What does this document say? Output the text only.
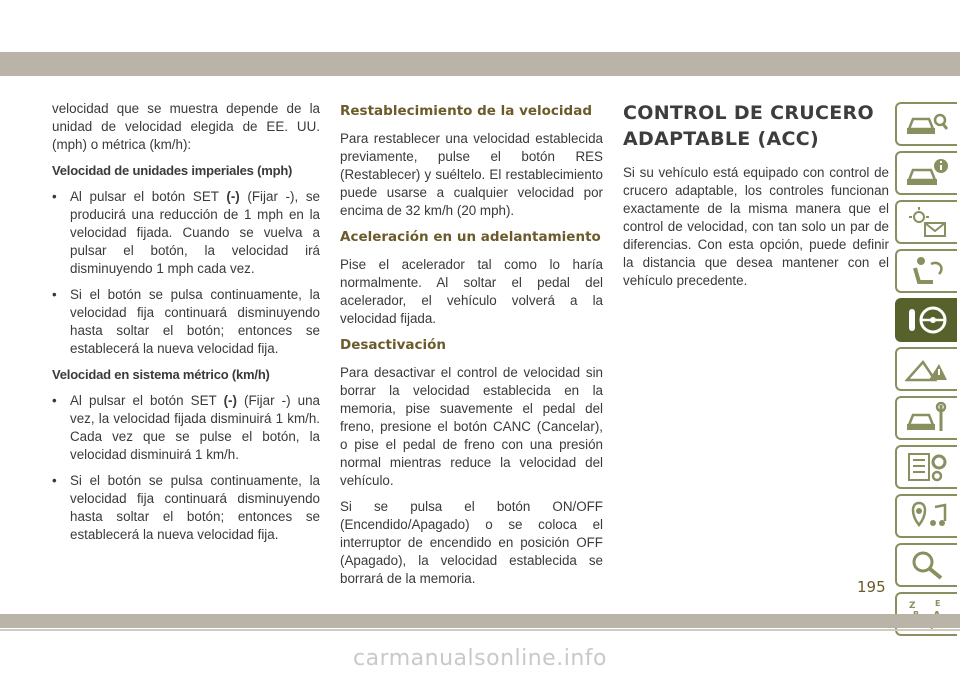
velocidad que se muestra depende de la unidad de velocidad elegida de EE. UU. (mph) o métrica (km/h):

Velocidad de unidades imperiales (mph)
• Al pulsar el botón SET (-) (Fijar -), se producirá una reducción de 1 mph en la velocidad fijada. Cuando se vuelva a pulsar el botón, la velocidad irá disminuyendo 1 mph cada vez.
• Si el botón se pulsa continuamente, la velocidad fija continuará disminuyendo hasta soltar el botón; entonces se establecerá la nueva velocidad fija.
Velocidad en sistema métrico (km/h)
• Al pulsar el botón SET (-) (Fijar -) una vez, la velocidad fijada disminuirá 1 km/h. Cada vez que se pulse el botón, la velocidad disminuirá 1 km/h.
• Si el botón se pulsa continuamente, la velocidad fija continuará disminuyendo hasta soltar el botón; entonces se establecerá la nueva velocidad fija.
Restablecimiento de la velocidad

Para restablecer una velocidad establecida previamente, pulse el botón RES (Restablecer) y suéltelo. El restablecimiento puede usarse a cualquier velocidad por encima de 32 km/h (20 mph).

Aceleración en un adelantamiento

Pise el acelerador tal como lo haría normalmente. Al soltar el pedal del acelerador, el vehículo volverá a la velocidad fijada.

Desactivación

Para desactivar el control de velocidad sin borrar la velocidad establecida en la memoria, pise suavemente el pedal del freno, presione el botón CANC (Cancelar), o pise el pedal de freno con una presión normal mientras reduce la velocidad del vehículo.

Si se pulsa el botón ON/OFF (Encendido/Apagado) o se coloca el interruptor de encendido en posición OFF (Apagado), la velocidad establecida se borrará de la memoria.

CONTROL DE CRUCERO
ADAPTABLE (ACC)

Si su vehículo está equipado con control de crucero adaptable, los controles funcionan exactamente de la misma manera que el control de velocidad, con tan solo un par de diferencias. Con esta opción, puede definir la distancia que desea mantener con el vehículo precedente.

Z E
195
carmanualsonline.info
